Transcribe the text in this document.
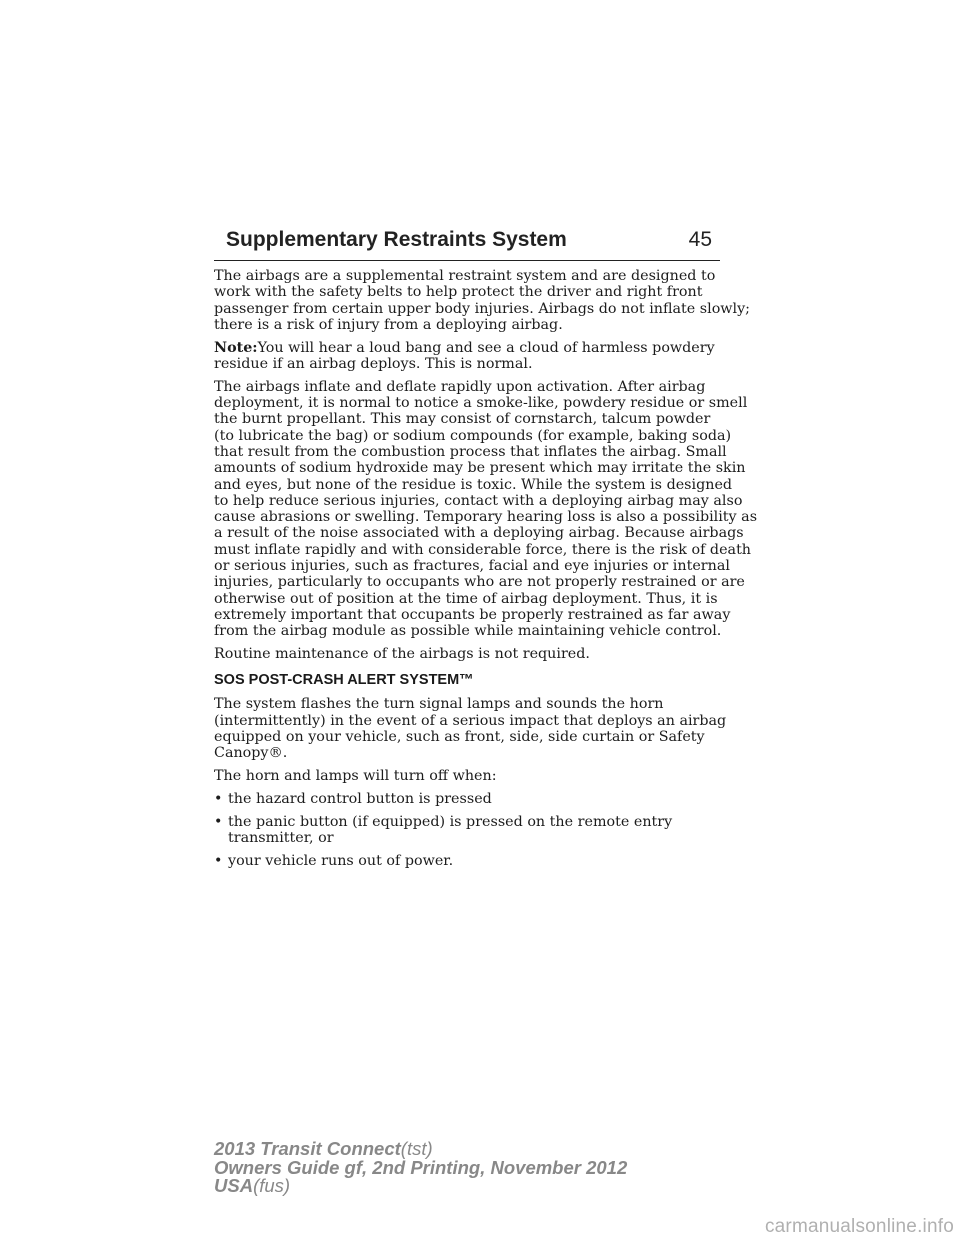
Supplementary Restraints System	45
The airbags are a supplemental restraint system and are designed to
work with the safety belts to help protect the driver and right front
passenger from certain upper body injuries. Airbags do not inflate slowly;
there is a risk of injury from a deploying airbag.
Note:You will hear a loud bang and see a cloud of harmless powdery
residue if an airbag deploys. This is normal.
The airbags inflate and deflate rapidly upon activation. After airbag
deployment, it is normal to notice a smoke-like, powdery residue or smell
the burnt propellant. This may consist of cornstarch, talcum powder
(to lubricate the bag) or sodium compounds (for example, baking soda)
that result from the combustion process that inflates the airbag. Small
amounts of sodium hydroxide may be present which may irritate the skin
and eyes, but none of the residue is toxic. While the system is designed
to help reduce serious injuries, contact with a deploying airbag may also
cause abrasions or swelling. Temporary hearing loss is also a possibility as
a result of the noise associated with a deploying airbag. Because airbags
must inflate rapidly and with considerable force, there is the risk of death
or serious injuries, such as fractures, facial and eye injuries or internal
injuries, particularly to occupants who are not properly restrained or are
otherwise out of position at the time of airbag deployment. Thus, it is
extremely important that occupants be properly restrained as far away
from the airbag module as possible while maintaining vehicle control.
Routine maintenance of the airbags is not required.
SOS POST-CRASH ALERT SYSTEM™
The system flashes the turn signal lamps and sounds the horn
(intermittently) in the event of a serious impact that deploys an airbag
equipped on your vehicle, such as front, side, side curtain or Safety
Canopy®.
The horn and lamps will turn off when:
• the hazard control button is pressed
• the panic button (if equipped) is pressed on the remote entry
transmitter, or
• your vehicle runs out of power.
2013 Transit Connect(tst)
Owners Guide gf, 2nd Printing, November 2012
USA(fus)
carmanualsonline.info
